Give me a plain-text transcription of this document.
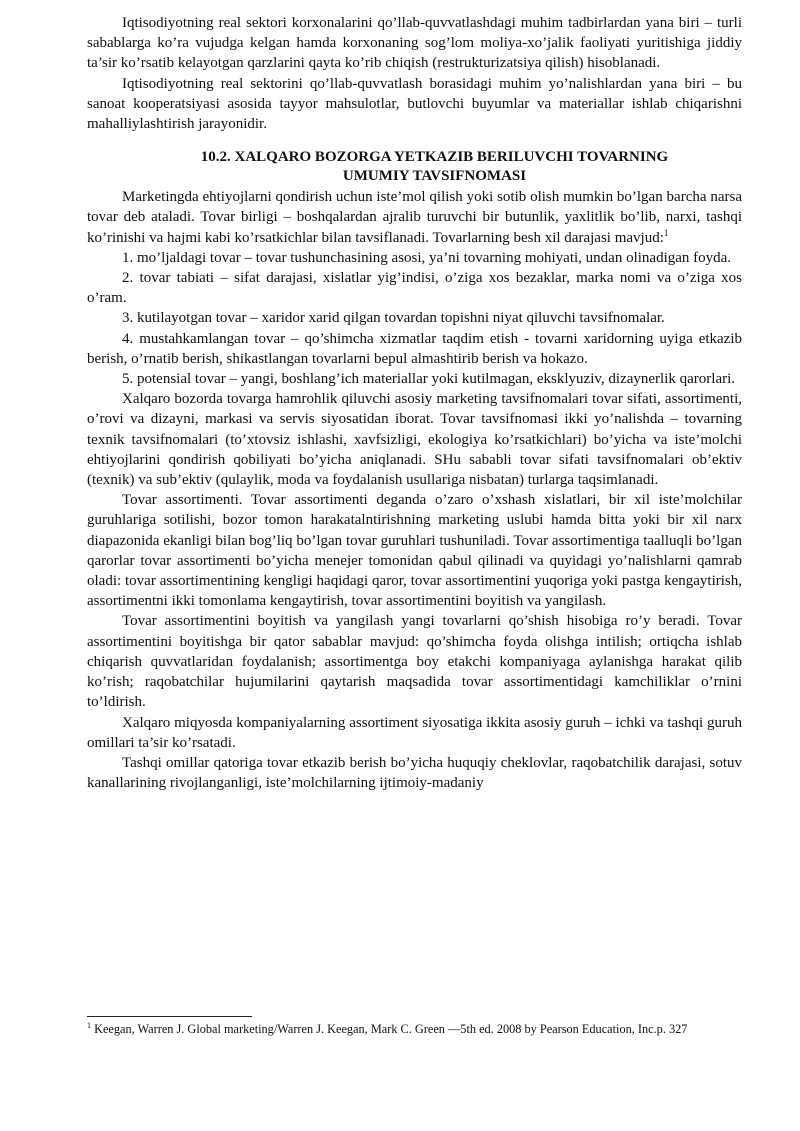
Iqtisodiyotning real sektori korxonalarini qo’llab-quvvatlashdagi muhim tadbirlardan yana biri – turli sabablarga ko’ra vujudga kelgan hamda korxonaning sog’lom moliya-xo’jalik faoliyati yuritishiga jiddiy ta’sir ko’rsatib kelayotgan qarzlarini qayta ko’rib chiqish (restrukturizatsiya qilish) hisoblanadi.

Iqtisodiyotning real sektorini qo’llab-quvvatlash borasidagi muhim yo’nalishlardan yana biri – bu sanoat kooperatsiyasi asosida tayyor mahsulotlar, butlovchi buyumlar va materiallar ishlab chiqarishni mahalliylashtirish jarayonidir.

10.2. XALQARO BOZORGA YETKAZIB BERILUVCHI TOVARNING
UMUMIY TAVSIFNOMASI

Marketingda ehtiyojlarni qondirish uchun iste’mol qilish yoki sotib olish mumkin bo’lgan barcha narsa tovar deb ataladi. Tovar birligi – boshqalardan ajralib turuvchi bir butunlik, yaxlitlik bo’lib, narxi, tashqi ko’rinishi va hajmi kabi ko’rsatkichlar bilan tavsiflanadi. Tovarlarning besh xil darajasi mavjud:$^1$

1. mo’ljaldagi tovar – tovar tushunchasining asosi, ya’ni tovarning mohiyati, undan olinadigan foyda.

2. tovar tabiati – sifat darajasi, xislatlar yig’indisi, o’ziga xos bezaklar, marka nomi va o’ziga xos o’ram.

3. kutilayotgan tovar – xaridor xarid qilgan tovardan topishni niyat qiluvchi tavsifnomalar.

4. mustahkamlangan tovar – qo’shimcha xizmatlar taqdim etish - tovarni xaridorning uyiga etkazib berish, o’rnatib berish, shikastlangan tovarlarni bepul almashtirib berish va hokazo.

5. potensial tovar – yangi, boshlang’ich materiallar yoki kutilmagan, eksklyuziv, dizaynerlik qarorlari.

Xalqaro bozorda tovarga hamrohlik qiluvchi asosiy marketing tavsifnomalari tovar sifati, assortimenti, o’rovi va dizayni, markasi va servis siyosatidan iborat. Tovar tavsifnomasi ikki yo’nalishda – tovarning texnik tavsifnomalari (to’xtovsiz ishlashi, xavfsizligi, ekologiya ko’rsatkichlari) bo’yicha va iste’molchi ehtiyojlarini qondirish qobiliyati bo’yicha aniqlanadi. SHu sababli tovar sifati tavsifnomalari ob’ektiv (texnik) va sub’ektiv (qulaylik, moda va foydalanish usullariga nisbatan) turlarga taqsimlanadi.

Tovar assortimenti. Tovar assortimenti deganda o’zaro o’xshash xislatlari, bir xil iste’molchilar guruhlariga sotilishi, bozor tomon harakatalntirishning marketing uslubi hamda bitta yoki bir xil narx diapazonida ekanligi bilan bog’liq bo’lgan tovar guruhlari tushuniladi. Tovar assortimentiga taalluqli bo’lgan qarorlar tovar assortimenti bo’yicha menejer tomonidan qabul qilinadi va quyidagi yo’nalishlarni qamrab oladi: tovar assortimentining kengligi haqidagi qaror, tovar assortimentini yuqoriga yoki pastga kengaytirish, assortimentni ikki tomonlama kengaytirish, tovar assortimentini boyitish va yangilash.

Tovar assortimentini boyitish va yangilash yangi tovarlarni qo’shish hisobiga ro’y beradi. Tovar assortimentini boyitishga bir qator sabablar mavjud: qo’shimcha foyda olishga intilish; ortiqcha ishlab chiqarish quvvatlaridan foydalanish; assortimentga boy etakchi kompaniyaga aylanishga harakat qilib ko’rish; raqobatchilar hujumilarini qaytarish maqsadida tovar assortimentidagi kamchiliklar o’rnini to’ldirish.

Xalqaro miqyosda kompaniyalarning assortiment siyosatiga ikkita asosiy guruh – ichki va tashqi guruh omillari ta’sir ko’rsatadi.

Tashqi omillar qatoriga tovar etkazib berish bo’yicha huquqiy cheklovlar, raqobatchilik darajasi, sotuv kanallarining rivojlanganligi, iste’molchilarning ijtimoiy-madaniy

$^1$ Keegan, Warren J. Global marketing/Warren J. Keegan, Mark C. Green —5th ed. 2008 by Pearson Education, Inc.p. 327
